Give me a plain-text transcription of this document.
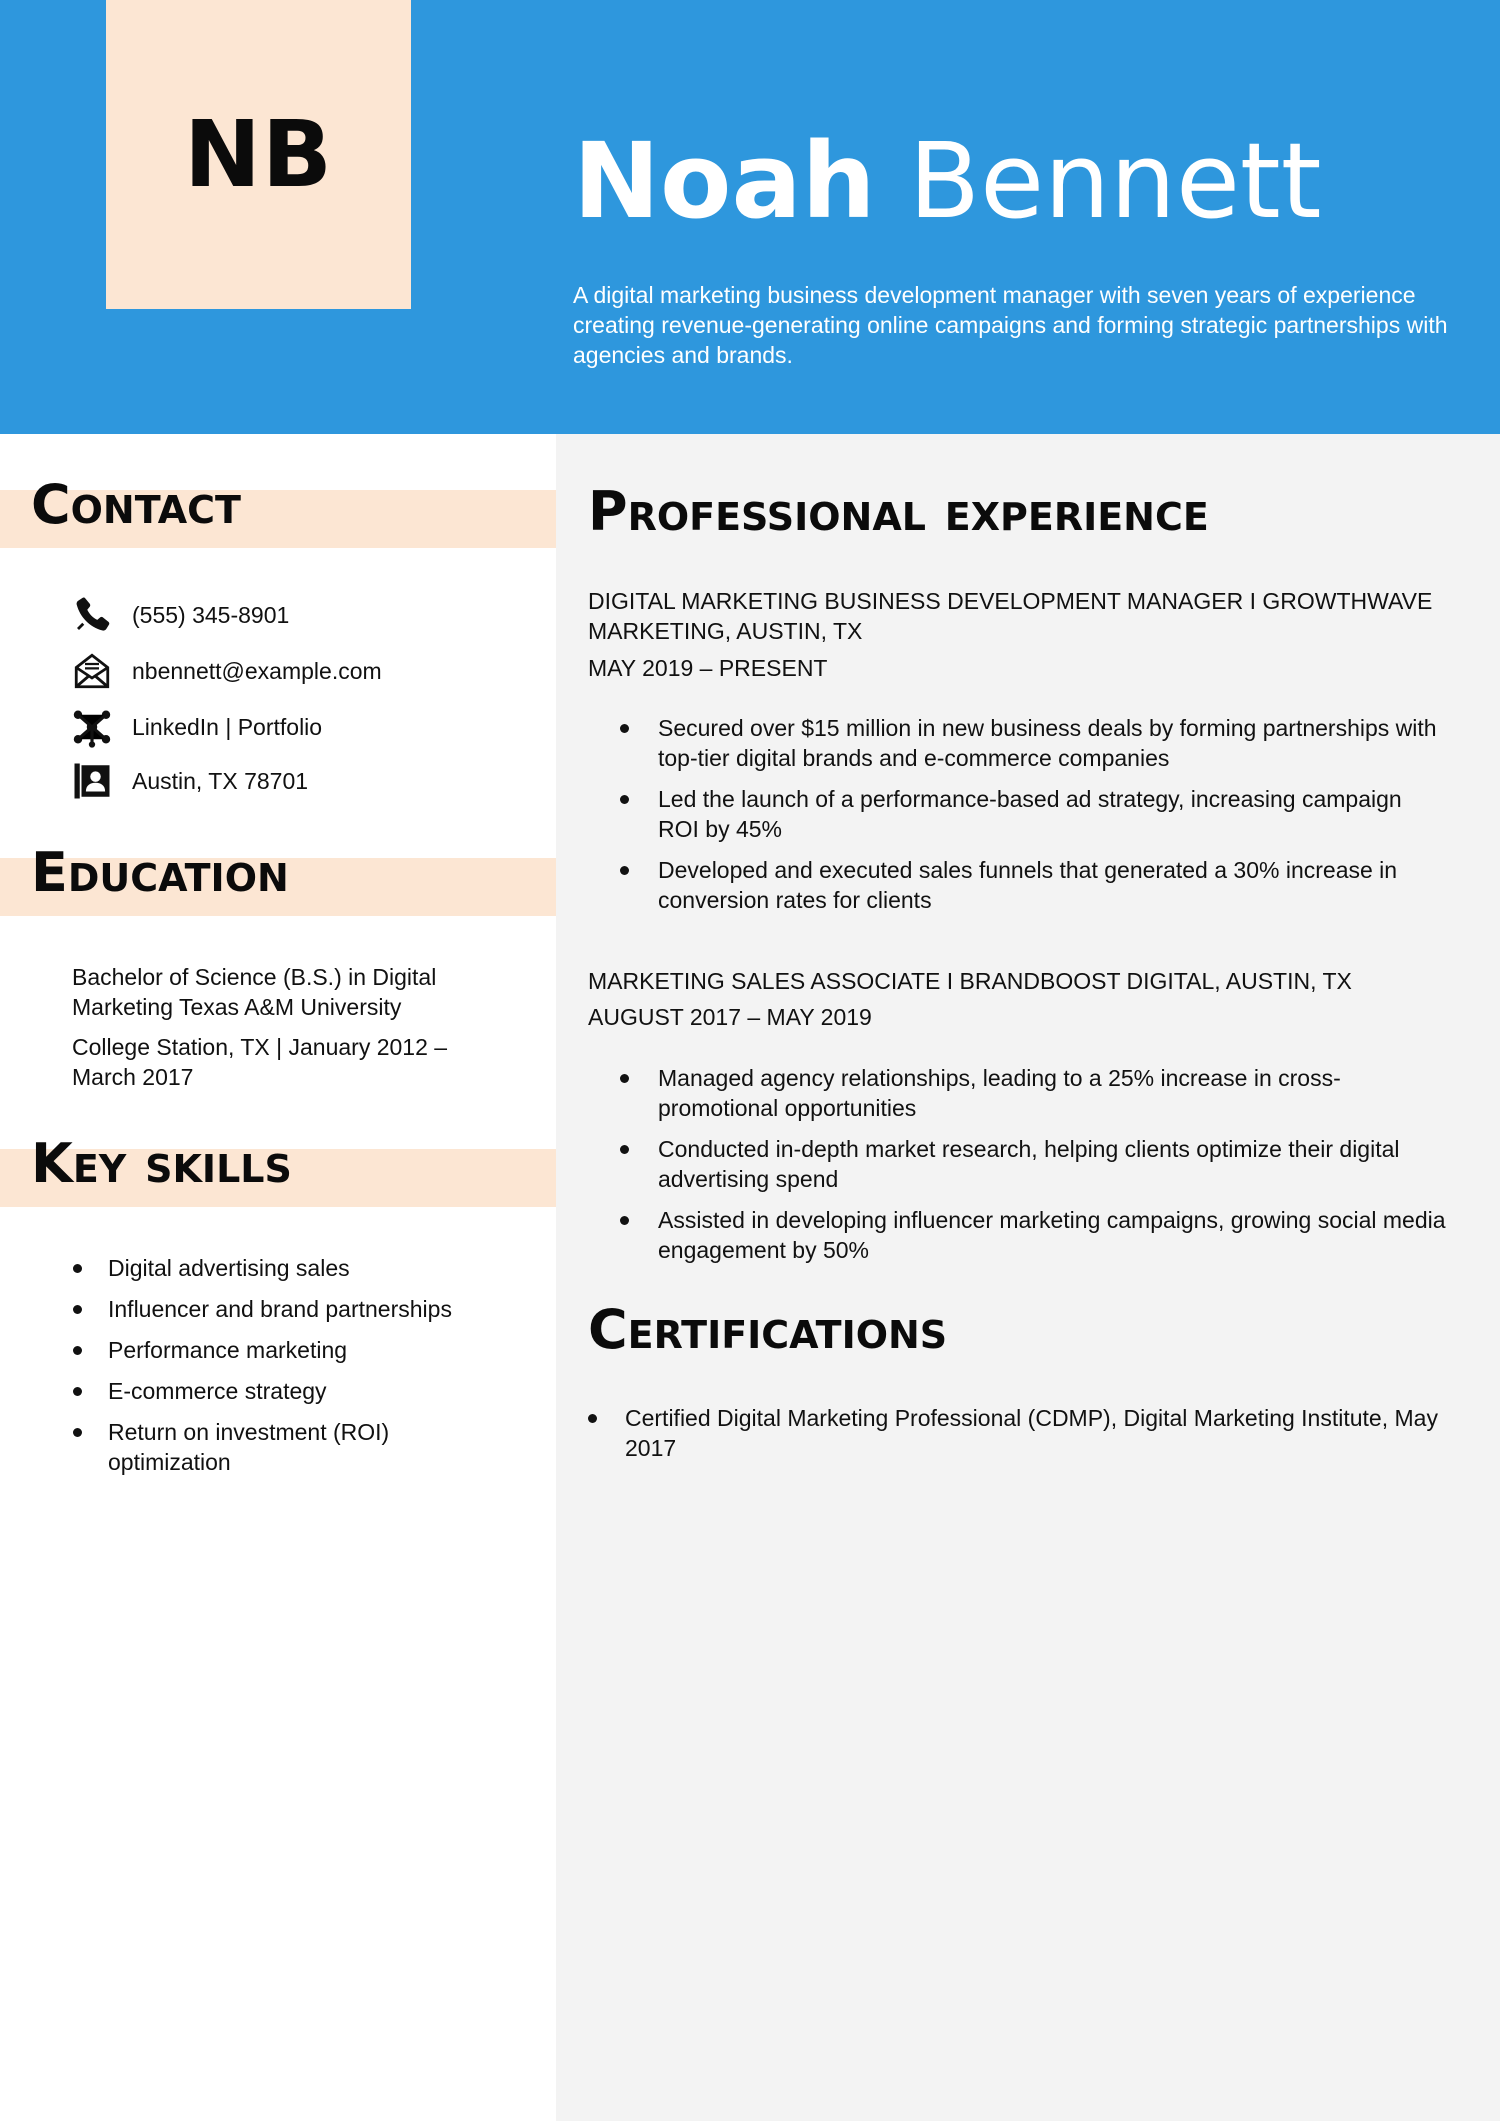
NB Noah Bennett

A digital marketing business development manager with seven years of experience creating revenue-generating online campaigns and forming strategic partnerships with agencies and brands.

Contact
(555) 345-8901
nbennett@example.com
LinkedIn | Portfolio
Austin, TX 78701
Education

Bachelor of Science (B.S.) in Digital Marketing Texas A&M University

College Station, TX | January 2012 – March 2017

Key skills
Digital advertising sales
Influencer and brand partnerships
Performance marketing
E-commerce strategy
Return on investment (ROI) optimization
Professional experience

DIGITAL MARKETING BUSINESS DEVELOPMENT MANAGER I GROWTHWAVE MARKETING, AUSTIN, TX

MAY 2019 – PRESENT

Secured over $15 million in new business deals by forming partnerships with top-tier digital brands and e-commerce companies
Led the launch of a performance-based ad strategy, increasing campaign ROI by 45%
Developed and executed sales funnels that generated a 30% increase in conversion rates for clients

MARKETING SALES ASSOCIATE I BRANDBOOST DIGITAL, AUSTIN, TX

AUGUST 2017 – MAY 2019

Managed agency relationships, leading to a 25% increase in cross-promotional opportunities
Conducted in-depth market research, helping clients optimize their digital advertising spend
Assisted in developing influencer marketing campaigns, growing social media engagement by 50%
Certifications
Certified Digital Marketing Professional (CDMP), Digital Marketing Institute, May 2017
